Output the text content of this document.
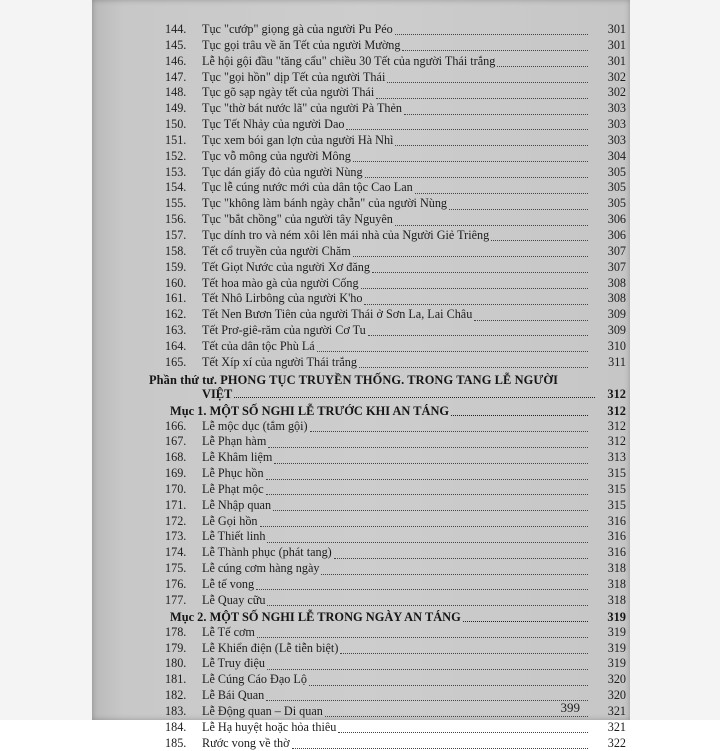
144.	Tục "cướp" giọng gà của người Pu Péo	301
145.	Tục gọi trâu về ăn Tết của người Mường	301
146.	Lễ hội gội đầu "tăng cẩu" chiều 30 Tết của người Thái trắng	301
147.	Tục "gọi hồn" dịp Tết của người Thái	302
148.	Tục gõ sạp ngày tết của người Thái	302
149.	Tục "thờ bát nước lã" của người Pà Thẻn	303
150.	Tục Tết Nhảy của người Dao	303
151.	Tục xem bói gan lợn của người Hà Nhì	303
152.	Tục vỗ mông của người Mông	304
153.	Tục dán giấy đỏ của người Nùng	305
154.	Tục lễ cúng nước mới của dân tộc Cao Lan	305
155.	Tục "không làm bánh ngày chẵn" của người Nùng	305
156.	Tục "bắt chồng" của người tây Nguyên	306
157.	Tục dính tro và ném xôi lên mái nhà của Người Giẻ Triêng	306
158.	Tết cổ truyền của người Chăm	307
159.	Tết Giọt Nước của người Xơ đăng	307
160.	Tết hoa mào gà của người Cống	308
161.	Tết Nhô Lirbông của người K'ho	308
162.	Tết Nen Bươn Tiên của người Thái ở Sơn La, Lai Châu	309
163.	Tết Prơ-giê-răm của người Cơ Tu	309
164.	Tết của dân tộc Phù Lá	310
165.	Tết Xíp xí của người Thái trắng	311
Phần thứ tư. PHONG TỤC TRUYỀN THỐNG. TRONG TANG LỄ NGƯỜI
VIỆT	312
Mục 1. MỘT SỐ NGHI LỄ TRƯỚC KHI AN TÁNG	312
166.	Lễ mộc dục (tắm gội)	312
167.	Lễ Phạn hàm	312
168.	Lễ Khâm liệm	313
169.	Lễ Phục hồn	315
170.	Lễ Phạt mộc	315
171.	Lễ Nhập quan	315
172.	Lễ Gọi hồn	316
173.	Lễ Thiết linh	316
174.	Lễ Thành phục (phát tang)	316
175.	Lễ cúng cơm hàng ngày	318
176.	Lễ tế vong	318
177.	Lễ Quay cữu	318
Mục 2. MỘT SỐ NGHI LỄ TRONG NGÀY AN TÁNG	319
178.	Lễ Tế cơm	319
179.	Lễ Khiển điện (Lễ tiễn biệt)	319
180.	Lễ Truy điệu	319
181.	Lễ Cúng Cáo Đạo Lộ	320
182.	Lễ Bái Quan	320
183.	Lễ Động quan – Di quan	321
184.	Lễ Hạ huyệt hoặc hỏa thiêu	321
185.	Rước vong về thờ	322
399
